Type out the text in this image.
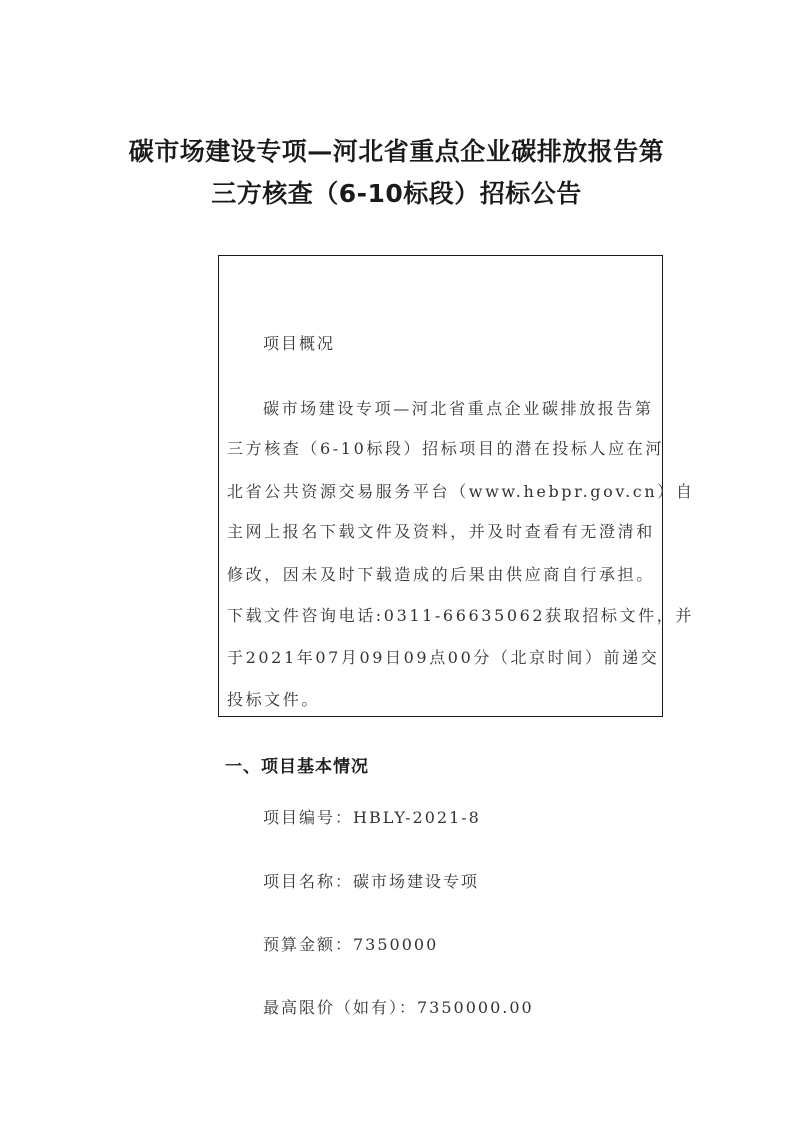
碳市场建设专项—河北省重点企业碳排放报告第
三方核查（6-10标段）招标公告
项目概况
碳市场建设专项—河北省重点企业碳排放报告第
三方核查（6-10标段）招标项目的潜在投标人应在河
北省公共资源交易服务平台（www.hebpr.gov.cn）自
主网上报名下载文件及资料，并及时查看有无澄清和
修改，因未及时下载造成的后果由供应商自行承担。
下载文件咨询电话:0311-66635062获取招标文件，并
于2021年07月09日09点00分（北京时间）前递交
投标文件。
一、项目基本情况
项目编号：HBLY-2021-8
项目名称：碳市场建设专项
预算金额：7350000
最高限价（如有）：7350000.00
